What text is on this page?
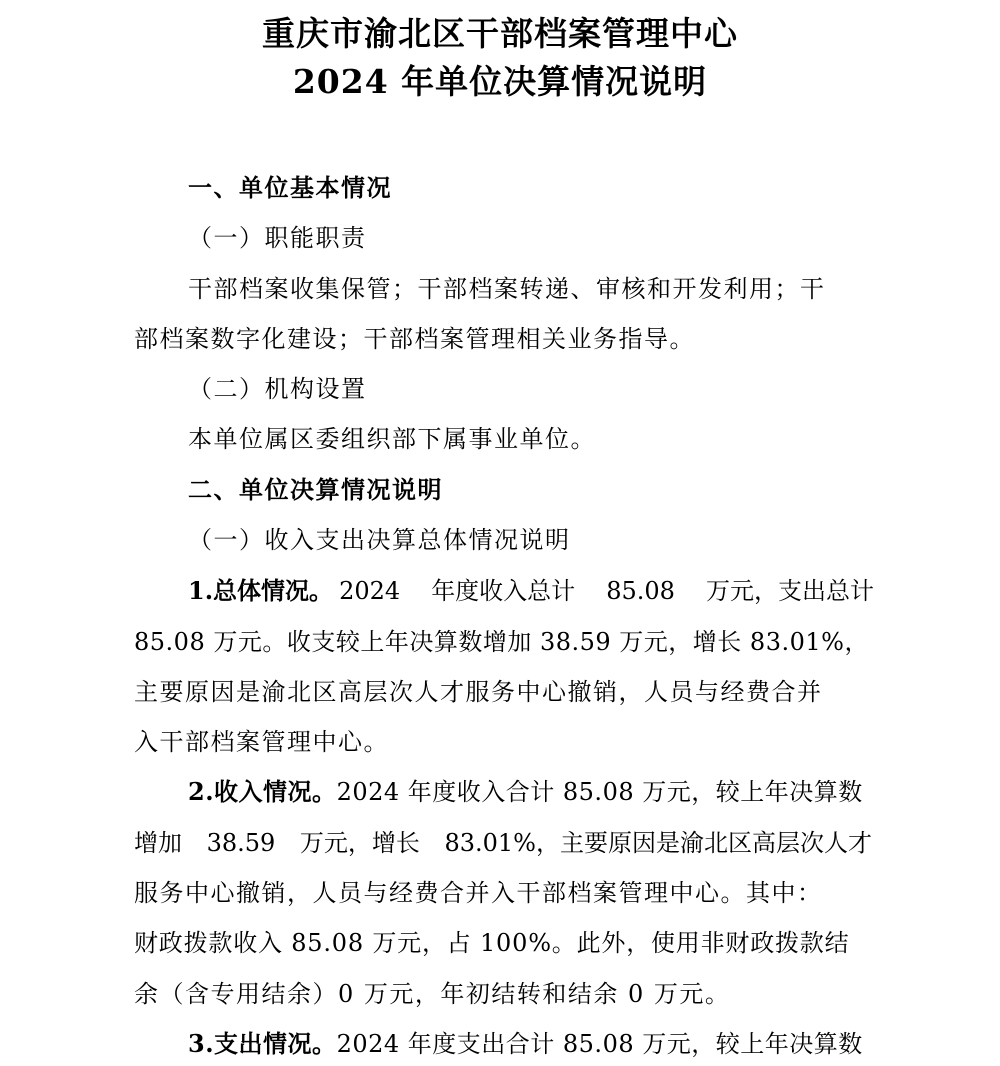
重庆市渝北区干部档案管理中心
2024 年单位决算情况说明
一、单位基本情况
（一）职能职责
干部档案收集保管；干部档案转递、审核和开发利用；干
部档案数字化建设；干部档案管理相关业务指导。
（二）机构设置
本单位属区委组织部下属事业单位。
二、单位决算情况说明
（一）收入支出决算总体情况说明
1.总体情况。 2024 年度收入总计 85.08 万元，支出总计
85.08 万元。收支较上年决算数增加 38.59 万元，增长 83.01%，
主要原因是渝北区高层次人才服务中心撤销，人员与经费合并
入干部档案管理中心。
2.收入情况。2024 年度收入合计 85.08 万元，较上年决算数
增加 38.59 万元，增长 83.01%，主要原因是渝北区高层次人才
服务中心撤销，人员与经费合并入干部档案管理中心。其中：
财政拨款收入 85.08 万元，占 100%。此外，使用非财政拨款结
余（含专用结余）0 万元，年初结转和结余 0 万元。
3.支出情况。2024 年度支出合计 85.08 万元，较上年决算数
